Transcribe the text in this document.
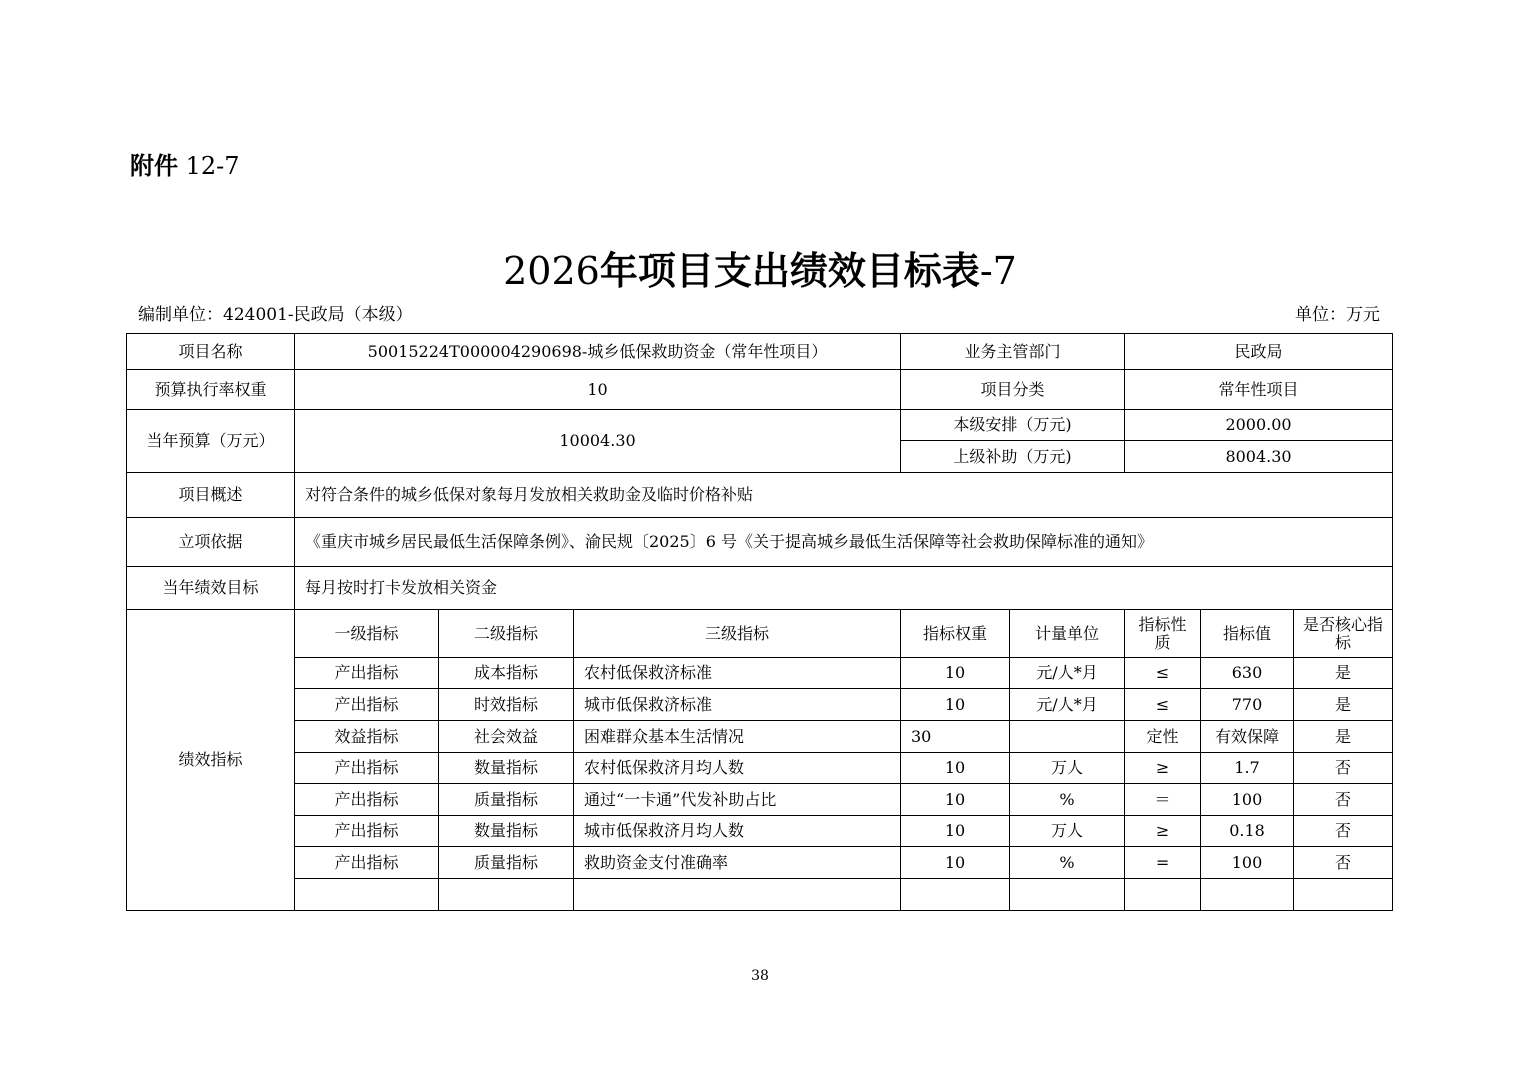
附件 12-7
2026年项目支出绩效目标表-7
编制单位：424001-民政局（本级）	单位：万元
项目名称	50015224T000004290698-城乡低保救助资金（常年性项目）			业务主管部门		民政局		
预算执行率权重	10			项目分类		常年性项目		
当年预算（万元）	10004.30			本级安排（万元)		2000.00		
				上级补助（万元)		8004.30		
项目概述	对符合条件的城乡低保对象每月发放相关救助金及临时价格补贴							
立项依据	《重庆市城乡居民最低生活保障条例》、渝民规〔2025〕6 号《关于提高城乡最低生活保障等社会救助保障标准的通知》							
当年绩效目标	每月按时打卡发放相关资金							
绩效指标	一级指标	二级指标	三级指标	指标权重	计量单位	指标性质	指标值	是否核心指标
	产出指标	成本指标	农村低保救济标准	10	元/人*月	≤	630	是
	产出指标	时效指标	城市低保救济标准	10	元/人*月	≤	770	是
	效益指标	社会效益	困难群众基本生活情况	30		定性	有效保障	是
	产出指标	数量指标	农村低保救济月均人数	10	万人	≥	1.7	否
	产出指标	质量指标	通过“一卡通”代发补助占比	10	%	＝	100	否
	产出指标	数量指标	城市低保救济月均人数	10	万人	≥	0.18	否
	产出指标	质量指标	救助资金支付准确率	10	%	=	100	否

38
